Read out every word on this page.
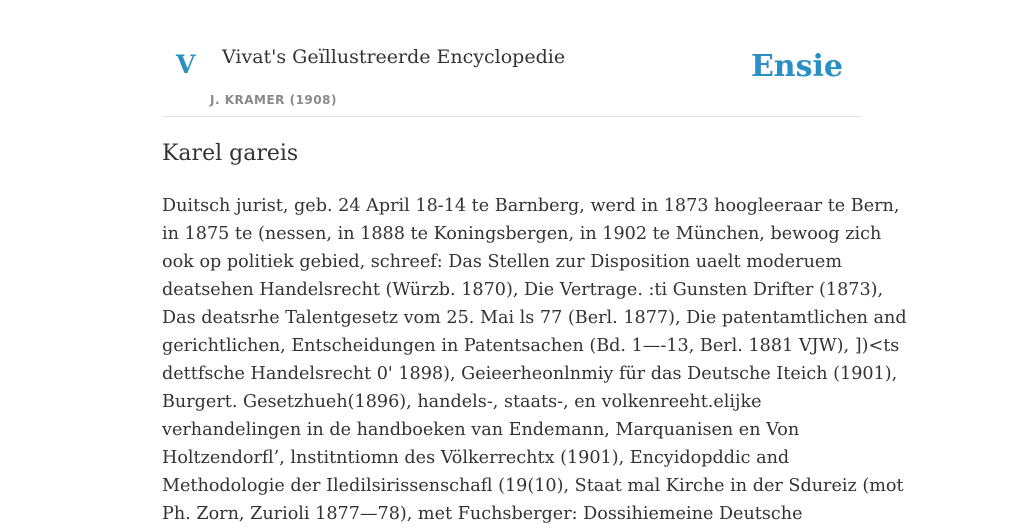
V Vivat's Geïllustreerde Encyclopedie
J. KRAMER (1908)
Ensie
Karel gareis

Duitsch jurist, geb. 24 April 18-14 te Barnberg, werd in 1873 hoogleeraar te Bern,
in 1875 te (nessen, in 1888 te Koningsbergen, in 1902 te München, bewoog zich
ook op politiek gebied, schreef: Das Stellen zur Disposition uaelt moderuem
deatsehen Handelsrecht (Würzb. 1870), Die Vertrage. :ti Gunsten Drifter (1873),
Das deatsrhe Talentgesetz vom 25. Mai ls 77 (Berl. 1877), Die patentamtlichen and
gerichtlichen, Entscheidungen in Patentsachen (Bd. 1—-13, Berl. 1881 VJW), ])<ts
dettfsche Handelsrecht 0' 1898), Geieerheonlnmiy für das Deutsche Iteich (1901),
Burgert. Gesetzhueh(1896), handels-, staats-, en volkenreeht.elijke
verhandelingen in de handboeken van Endemann, Marquanisen en Von
Holtzendorfl’, lnstitntiomn des Völkerrechtx (1901), Encyidopddic and
Methodologie der Iledilsirissenschafl (19(10), Staat mal Kirche in der Sdureiz (mot
Ph. Zorn, Zurioli 1877—78), met Fuchsberger: Dossihiemeine Deutsche
